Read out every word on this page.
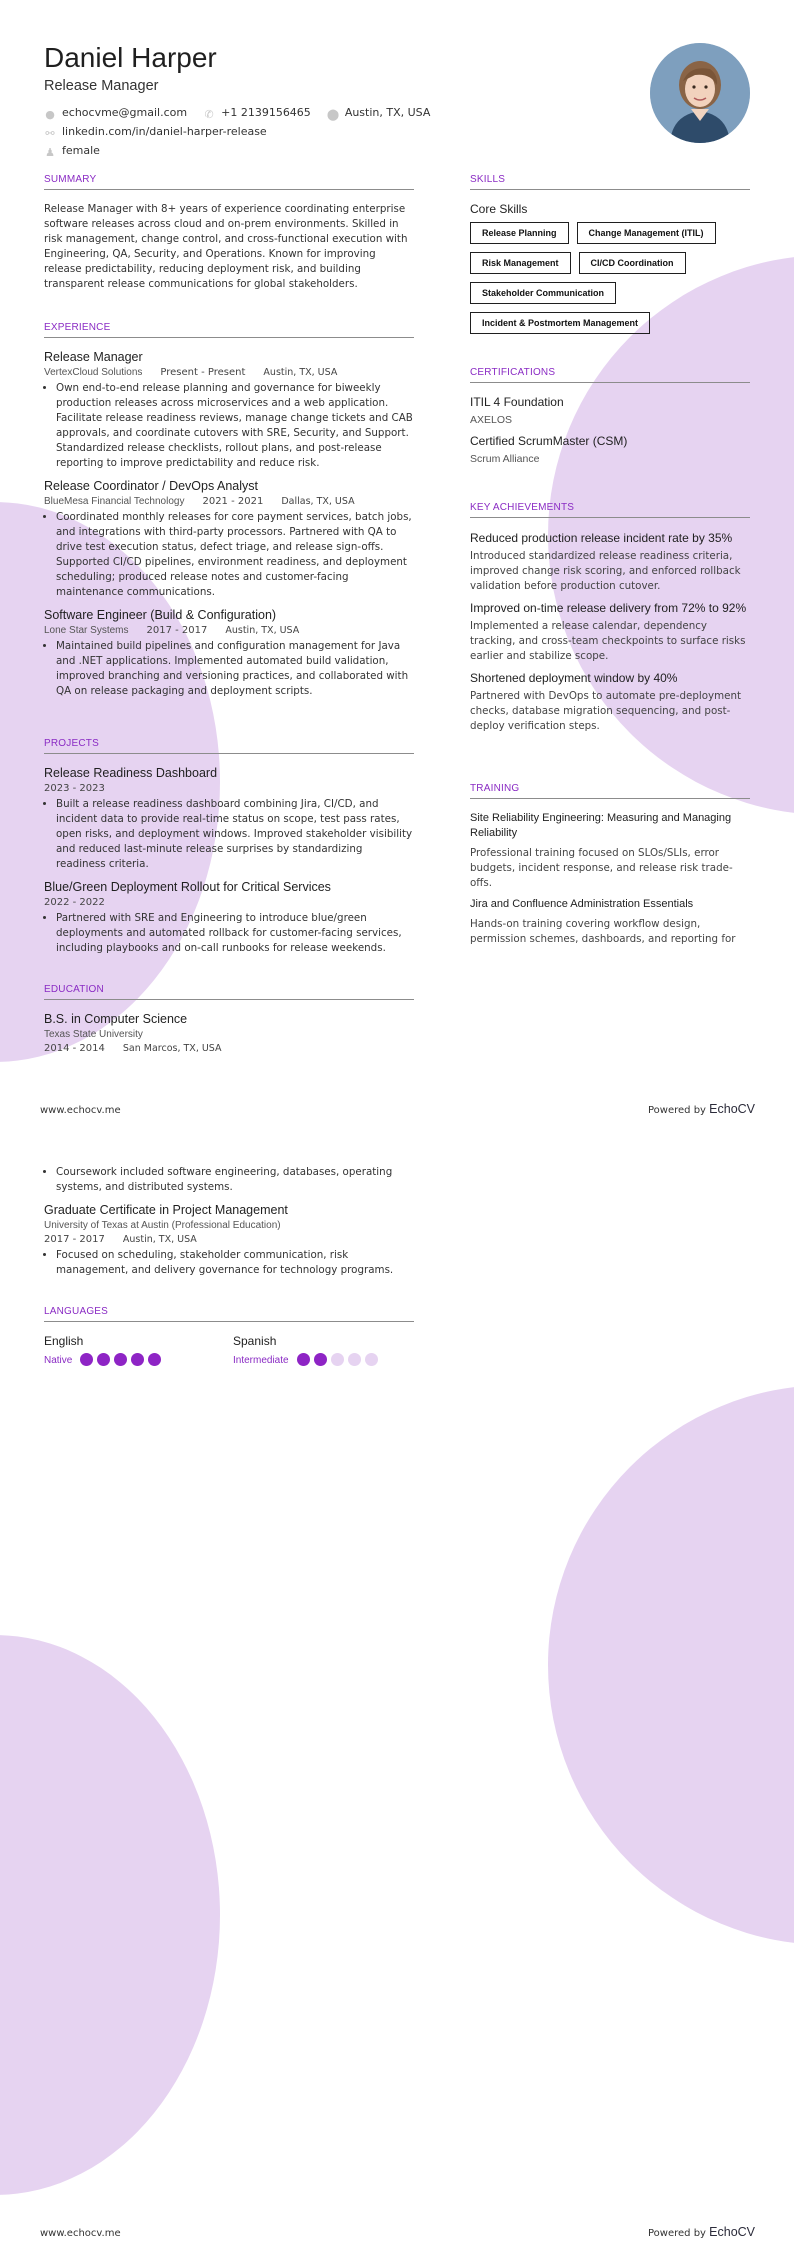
Daniel Harper
Release Manager
● echocvme@gmail.com ✆ +1 2139156465 ⬤ Austin, TX, USA⚯ linkedin.com/in/daniel-harper-release
♟ female
SUMMARY
Release Manager with 8+ years of experience coordinating enterprise software releases across cloud and on-prem environments. Skilled in risk management, change control, and cross-functional execution with Engineering, QA, Security, and Operations. Known for improving release predictability, reducing deployment risk, and building transparent release communications for global stakeholders.
EXPERIENCE
Release Manager
VertexCloud Solutions Present - Present Austin, TX, USA
• Own end-to-end release planning and governance for biweekly production releases across microservices and a web application. Facilitate release readiness reviews, manage change tickets and CAB approvals, and coordinate cutovers with SRE, Security, and Support. Standardized release checklists, rollout plans, and post-release reporting to improve predictability and reduce risk.
Release Coordinator / DevOps Analyst
BlueMesa Financial Technology 2021 - 2021 Dallas, TX, USA
• Coordinated monthly releases for core payment services, batch jobs, and integrations with third-party processors. Partnered with QA to drive test execution status, defect triage, and release sign-offs. Supported CI/CD pipelines, environment readiness, and deployment scheduling; produced release notes and customer-facing maintenance communications.
Software Engineer (Build & Configuration)
Lone Star Systems 2017 - 2017 Austin, TX, USA
• Maintained build pipelines and configuration management for Java and .NET applications. Implemented automated build validation, improved branching and versioning practices, and collaborated with QA on release packaging and deployment scripts.
PROJECTS
Release Readiness Dashboard
2023 - 2023
• Built a release readiness dashboard combining Jira, CI/CD, and incident data to provide real-time status on scope, test pass rates, open risks, and deployment windows. Improved stakeholder visibility and reduced last-minute release surprises by standardizing readiness criteria.
Blue/Green Deployment Rollout for Critical Services
2022 - 2022
• Partnered with SRE and Engineering to introduce blue/green deployments and automated rollback for customer-facing services, including playbooks and on-call runbooks for release weekends.
EDUCATION
B.S. in Computer Science
Texas State University
2014 - 2014 San Marcos, TX, USA
SKILLS
Core Skills
Release Planning	Change Management (ITIL)
Risk Management	CI/CD Coordination
Stakeholder Communication
Incident & Postmortem Management
CERTIFICATIONS
ITIL 4 Foundation
AXELOS
Certified ScrumMaster (CSM)
Scrum Alliance
KEY ACHIEVEMENTS
Reduced production release incident rate by 35%
Introduced standardized release readiness criteria, improved change risk scoring, and enforced rollback validation before production cutover.
Improved on-time release delivery from 72% to 92%
Implemented a release calendar, dependency tracking, and cross-team checkpoints to surface risks earlier and stabilize scope.
Shortened deployment window by 40%
Partnered with DevOps to automate pre-deployment checks, database migration sequencing, and post-deploy verification steps.
TRAINING
Site Reliability Engineering: Measuring and Managing Reliability
Professional training focused on SLOs/SLIs, error budgets, incident response, and release risk trade-offs.
Jira and Confluence Administration Essentials
Hands-on training covering workflow design, permission schemes, dashboards, and reporting for
www.echocv.me	Powered by EchoCV
• Coursework included software engineering, databases, operating systems, and distributed systems.
Graduate Certificate in Project Management
University of Texas at Austin (Professional Education)
2017 - 2017 Austin, TX, USA
• Focused on scheduling, stakeholder communication, risk management, and delivery governance for technology programs.
LANGUAGES
English
Native
Spanish
Intermediate
www.echocv.me	Powered by EchoCV
